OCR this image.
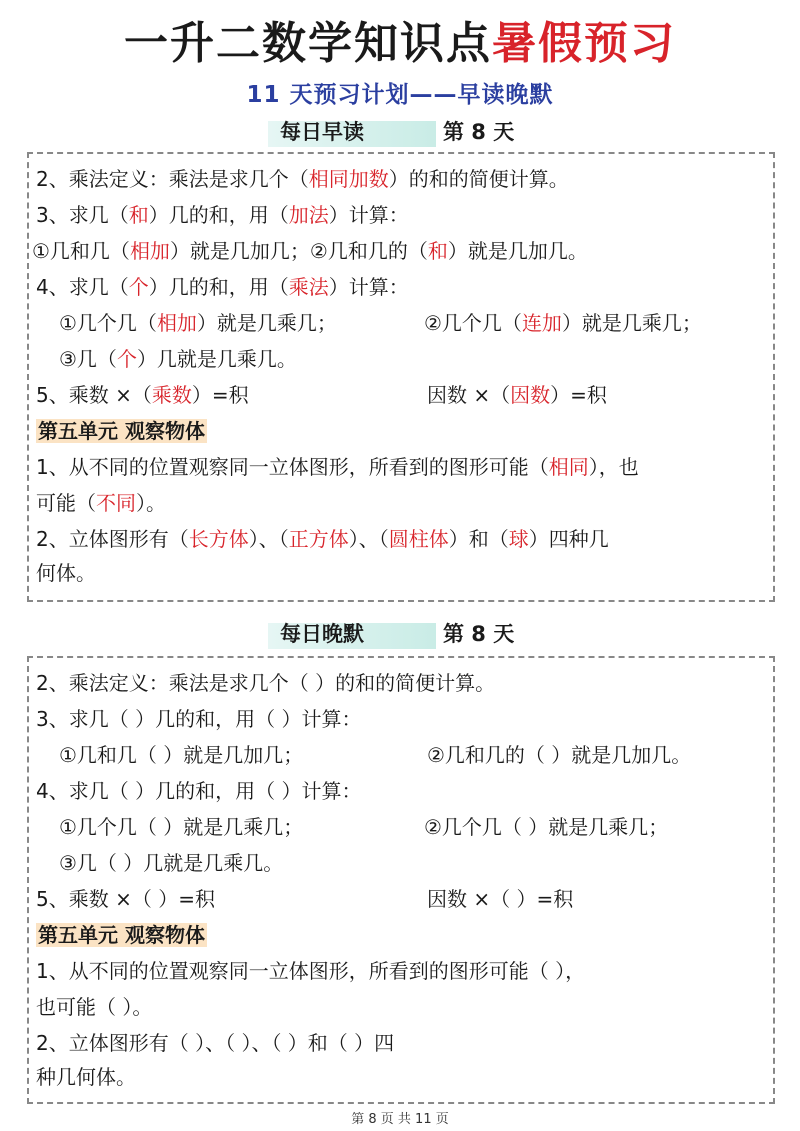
一升二数学知识点暑假预习
11 天预习计划——早读晚默
每日早读	第 8 天
2、乘法定义：乘法是求几个（相同加数）的和的简便计算。
3、求几（和）几的和，用（加法）计算：
①几和几（相加）就是几加几；②几和几的（和）就是几加几。
4、求几（个）几的和，用（乘法）计算：
①几个几（相加）就是几乘几；	②几个几（连加）就是几乘几；
③几（个）几就是几乘几。
5、乘数 ×（乘数）=积	因数 ×（因数）=积
第五单元 观察物体
1、从不同的位置观察同一立体图形，所看到的图形可能（相同），也
可能（不同）。
2、立体图形有（长方体）、（正方体）、（圆柱体）和（球）四种几
何体。
每日晚默	第 8 天
2、乘法定义：乘法是求几个（ ）的和的简便计算。
3、求几（ ）几的和，用（ ）计算：
①几和几（ ）就是几加几；	②几和几的（ ）就是几加几。
4、求几（ ）几的和，用（ ）计算：
①几个几（ ）就是几乘几；	②几个几（ ）就是几乘几；
③几（ ）几就是几乘几。
5、乘数 ×（ ）=积	因数 ×（ ）=积
第五单元 观察物体
1、从不同的位置观察同一立体图形，所看到的图形可能（ ），
也可能（ ）。
2、立体图形有（ ）、（ ）、（ ）和（ ）四
种几何体。
第 8 页 共 11 页
